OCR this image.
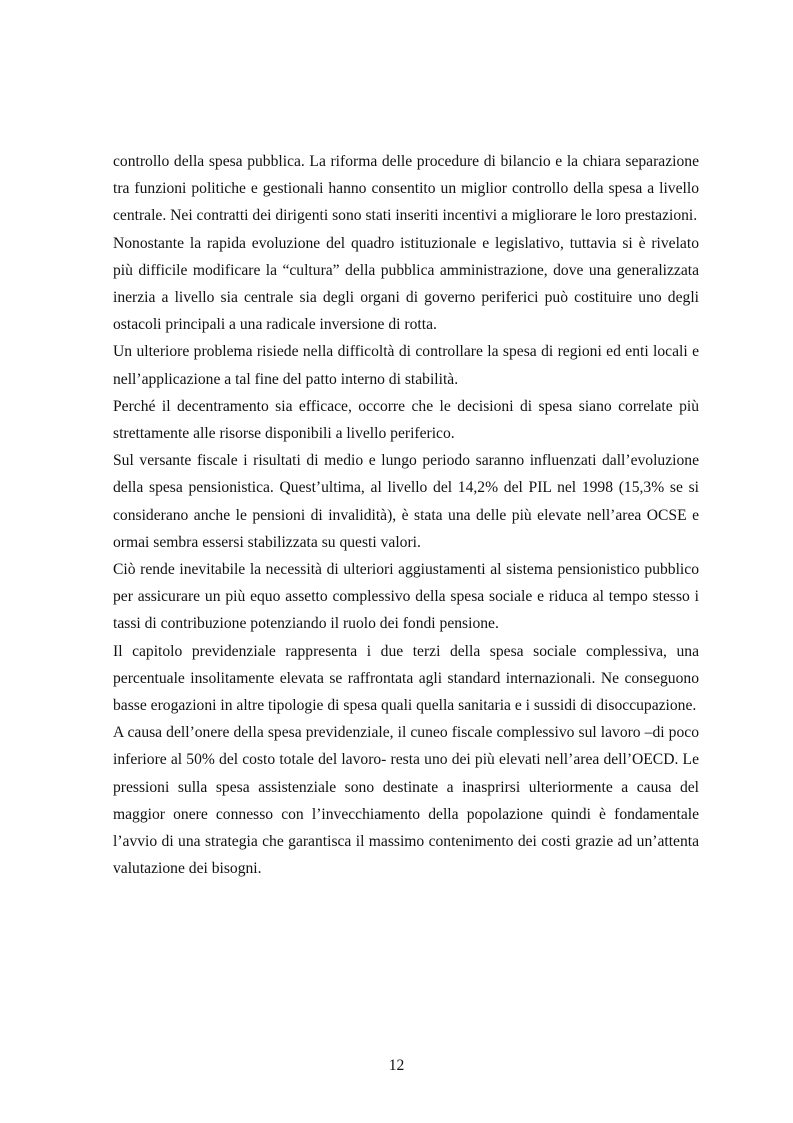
controllo della spesa pubblica. La riforma delle procedure di bilancio e la chiara separazione tra funzioni politiche e gestionali hanno consentito un miglior controllo della spesa a livello centrale. Nei contratti dei dirigenti sono stati inseriti incentivi a migliorare le loro prestazioni.

Nonostante la rapida evoluzione del quadro istituzionale e legislativo, tuttavia si è rivelato più difficile modificare la “cultura” della pubblica amministrazione, dove una generalizzata inerzia a livello sia centrale sia degli organi di governo periferici può costituire uno degli ostacoli principali a una radicale inversione di rotta.

Un ulteriore problema risiede nella difficoltà di controllare la spesa di regioni ed enti locali e nell’applicazione a tal fine del patto interno di stabilità.

Perché il decentramento sia efficace, occorre che le decisioni di spesa siano correlate più strettamente alle risorse disponibili a livello periferico.

Sul versante fiscale i risultati di medio e lungo periodo saranno influenzati dall’evoluzione della spesa pensionistica. Quest’ultima, al livello del 14,2% del PIL nel 1998 (15,3% se si considerano anche le pensioni di invalidità), è stata una delle più elevate nell’area OCSE e ormai sembra essersi stabilizzata su questi valori.

Ciò rende inevitabile la necessità di ulteriori aggiustamenti al sistema pensionistico pubblico per assicurare un più equo assetto complessivo della spesa sociale e riduca al tempo stesso i tassi di contribuzione potenziando il ruolo dei fondi pensione.

Il capitolo previdenziale rappresenta i due terzi della spesa sociale complessiva, una percentuale insolitamente elevata se raffrontata agli standard internazionali. Ne conseguono basse erogazioni in altre tipologie di spesa quali quella sanitaria e i sussidi di disoccupazione.

A causa dell’onere della spesa previdenziale, il cuneo fiscale complessivo sul lavoro –di poco inferiore al 50% del costo totale del lavoro- resta uno dei più elevati nell’area dell’OECD. Le pressioni sulla spesa assistenziale sono destinate a inasprirsi ulteriormente a causa del maggior onere connesso con l’invecchiamento della popolazione quindi è fondamentale l’avvio di una strategia che garantisca il massimo contenimento dei costi grazie ad un’attenta valutazione dei bisogni.

12
